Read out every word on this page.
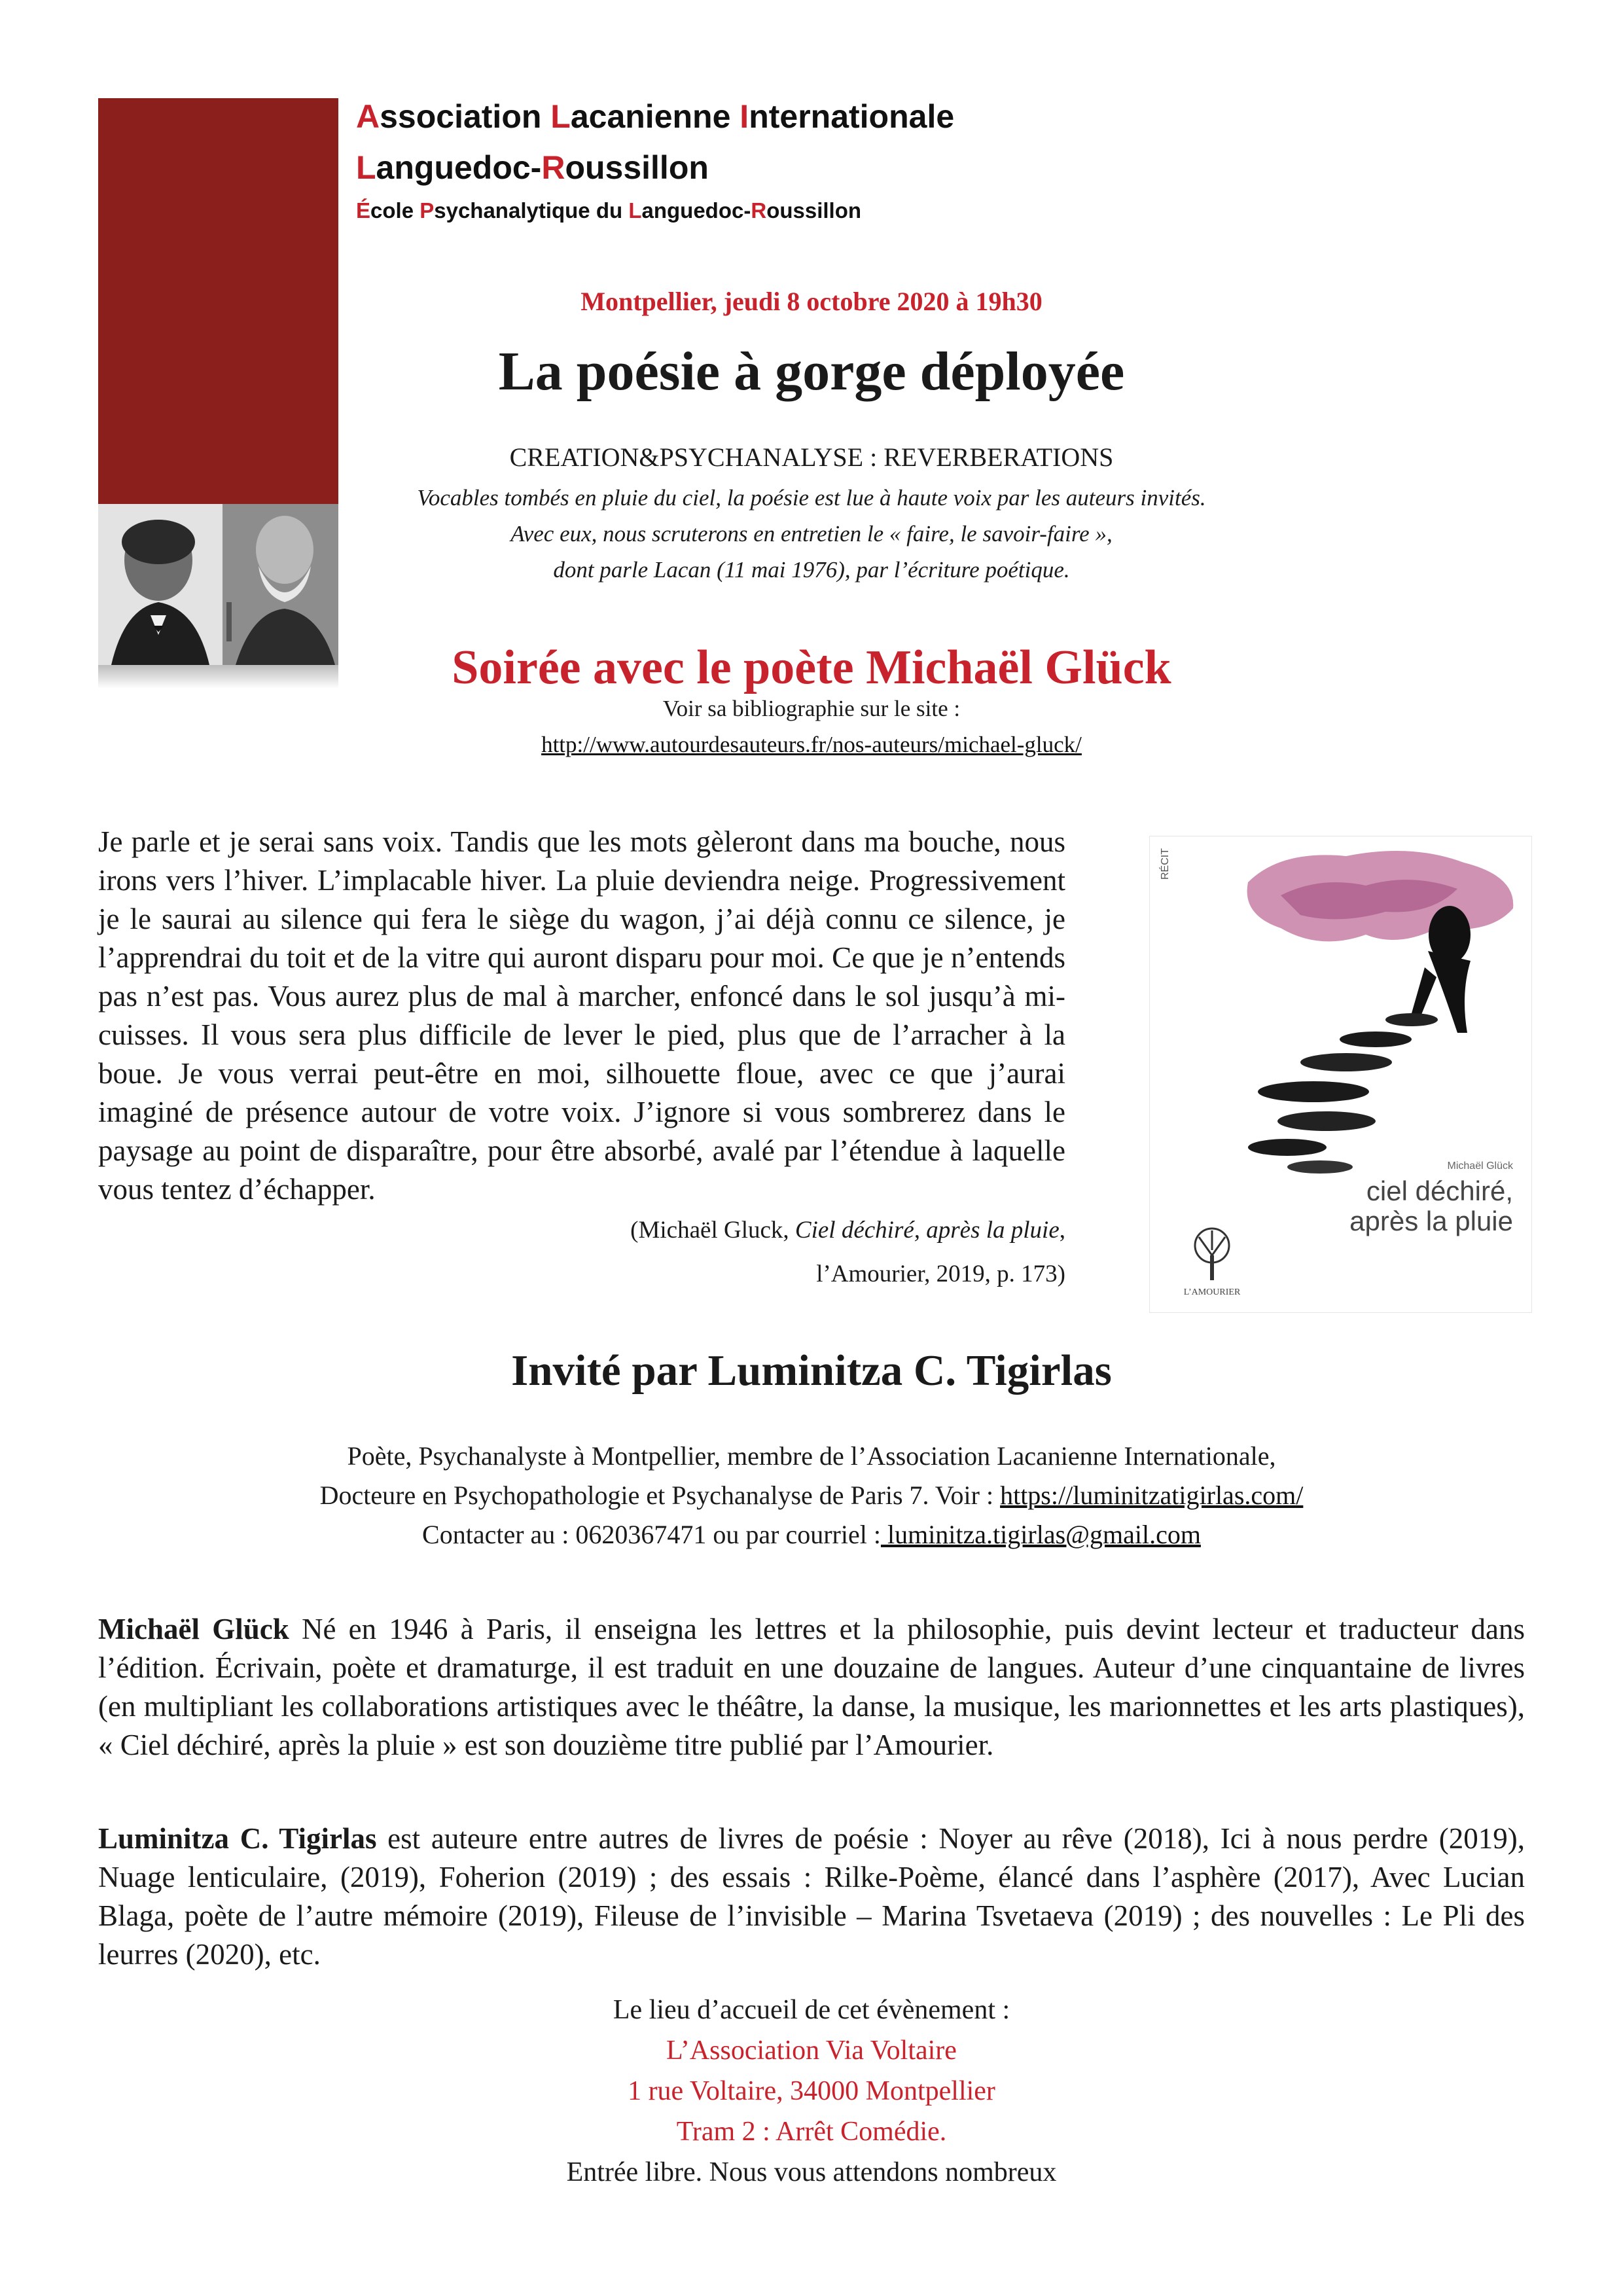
Association Lacanienne Internationale
Languedoc-Roussillon
École Psychanalytique du Languedoc-Roussillon
Montpellier, jeudi 8 octobre 2020 à 19h30
La poésie à gorge déployée
CREATION&PSYCHANALYSE : REVERBERATIONS
Vocables tombés en pluie du ciel, la poésie est lue à haute voix par les auteurs invités.
Avec eux, nous scruterons en entretien le « faire, le savoir-faire »,
dont parle Lacan (11 mai 1976), par l’écriture poétique.
Soirée avec le poète Michaël Glück
Voir sa bibliographie sur le site :
http://www.autourdesauteurs.fr/nos-auteurs/michael-gluck/
Je parle et je serai sans voix. Tandis que les mots gèleront dans ma bouche, nous irons vers l’hiver. L’implacable hiver. La pluie deviendra neige. Progressivement je le saurai au silence qui fera le siège du wagon, j’ai déjà connu ce silence, je l’apprendrai du toit et de la vitre qui auront disparu pour moi. Ce que je n’entends pas n’est pas. Vous aurez plus de mal à marcher, enfoncé dans le sol jusqu’à mi-cuisses. Il vous sera plus difficile de lever le pied, plus que de l’arracher à la boue. Je vous verrai peut-être en moi, silhouette floue, avec ce que j’aurai imaginé de présence autour de votre voix. J’ignore si vous sombrerez dans le paysage au point de disparaître, pour être absorbé, avalé par l’étendue à laquelle vous tentez d’échapper.
(Michaël Gluck, Ciel déchiré, après la pluie,
l’Amourier, 2019, p. 173)
RÉCIT
Michaël Glück
ciel déchiré,
après la pluie
L’AMOURIER
Invité par Luminitza C. Tigirlas
Poète, Psychanalyste à Montpellier, membre de l’Association Lacanienne Internationale,
Docteure en Psychopathologie et Psychanalyse de Paris 7. Voir : https://luminitzatigirlas.com/
Contacter au : 0620367471 ou par courriel : luminitza.tigirlas@gmail.com
Michaël Glück Né en 1946 à Paris, il enseigna les lettres et la philosophie, puis devint lecteur et traducteur dans l’édition. Écrivain, poète et dramaturge, il est traduit en une douzaine de langues. Auteur d’une cinquantaine de livres (en multipliant les collaborations artistiques avec le théâtre, la danse, la musique, les marionnettes et les arts plastiques), « Ciel déchiré, après la pluie » est son douzième titre publié par l’Amourier.
Luminitza C. Tigirlas est auteure entre autres de livres de poésie : Noyer au rêve (2018), Ici à nous perdre (2019), Nuage lenticulaire, (2019), Foherion (2019) ; des essais : Rilke-Poème, élancé dans l’asphère (2017), Avec Lucian Blaga, poète de l’autre mémoire (2019), Fileuse de l’invisible – Marina Tsvetaeva (2019) ; des nouvelles : Le Pli des leurres (2020), etc.
Le lieu d’accueil de cet évènement :
L’Association Via Voltaire
1 rue Voltaire, 34000 Montpellier
Tram 2 : Arrêt Comédie.
Entrée libre. Nous vous attendons nombreux
